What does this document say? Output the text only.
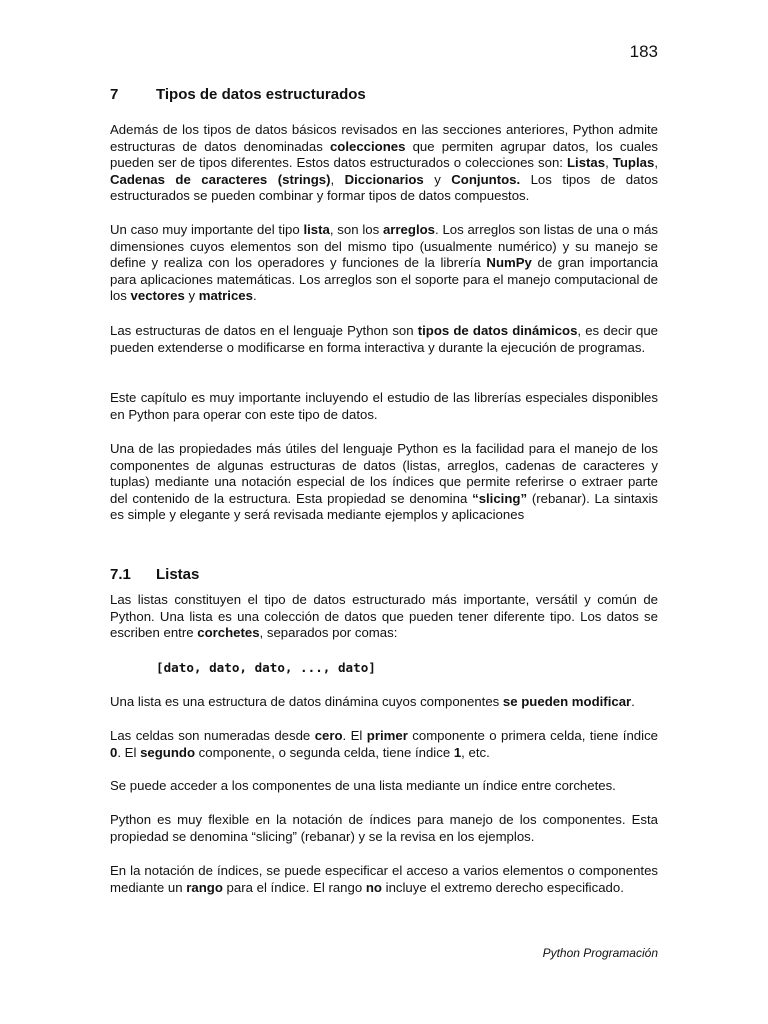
183
7	Tipos de datos estructurados

Además de los tipos de datos básicos revisados en las secciones anteriores, Python admite estructuras de datos denominadas colecciones que permiten agrupar datos, los cuales pueden ser de tipos diferentes. Estos datos estructurados o colecciones son: Listas, Tuplas, Cadenas de caracteres (strings), Diccionarios y Conjuntos. Los tipos de datos estructurados se pueden combinar y formar tipos de datos compuestos.

Un caso muy importante del tipo lista, son los arreglos. Los arreglos son listas de una o más dimensiones cuyos elementos son del mismo tipo (usualmente numérico) y su manejo se define y realiza con los operadores y funciones de la librería NumPy de gran importancia para aplicaciones matemáticas. Los arreglos son el soporte para el manejo computacional de los vectores y matrices.

Las estructuras de datos en el lenguaje Python son tipos de datos dinámicos, es decir que pueden extenderse o modificarse en forma interactiva y durante la ejecución de programas.

Este capítulo es muy importante incluyendo el estudio de las librerías especiales disponibles en Python para operar con este tipo de datos.

Una de las propiedades más útiles del lenguaje Python es la facilidad para el manejo de los componentes de algunas estructuras de datos (listas, arreglos, cadenas de caracteres y tuplas) mediante una notación especial de los índices que permite referirse o extraer parte del contenido de la estructura. Esta propiedad se denomina “slicing” (rebanar). La sintaxis es simple y elegante y será revisada mediante ejemplos y aplicaciones

7.1 Listas

Las listas constituyen el tipo de datos estructurado más importante, versátil y común de Python. Una lista es una colección de datos que pueden tener diferente tipo. Los datos se escriben entre corchetes, separados por comas:

[dato, dato, dato, ..., dato]

Una lista es una estructura de datos dinámina cuyos componentes se pueden modificar.

Las celdas son numeradas desde cero. El primer componente o primera celda, tiene índice 0. El segundo componente, o segunda celda, tiene índice 1, etc.

Se puede acceder a los componentes de una lista mediante un índice entre corchetes.

Python es muy flexible en la notación de índices para manejo de los componentes. Esta propiedad se denomina “slicing” (rebanar) y se la revisa en los ejemplos.

En la notación de índices, se puede especificar el acceso a varios elementos o componentes mediante un rango para el índice. El rango no incluye el extremo derecho especificado.

Python Programación
